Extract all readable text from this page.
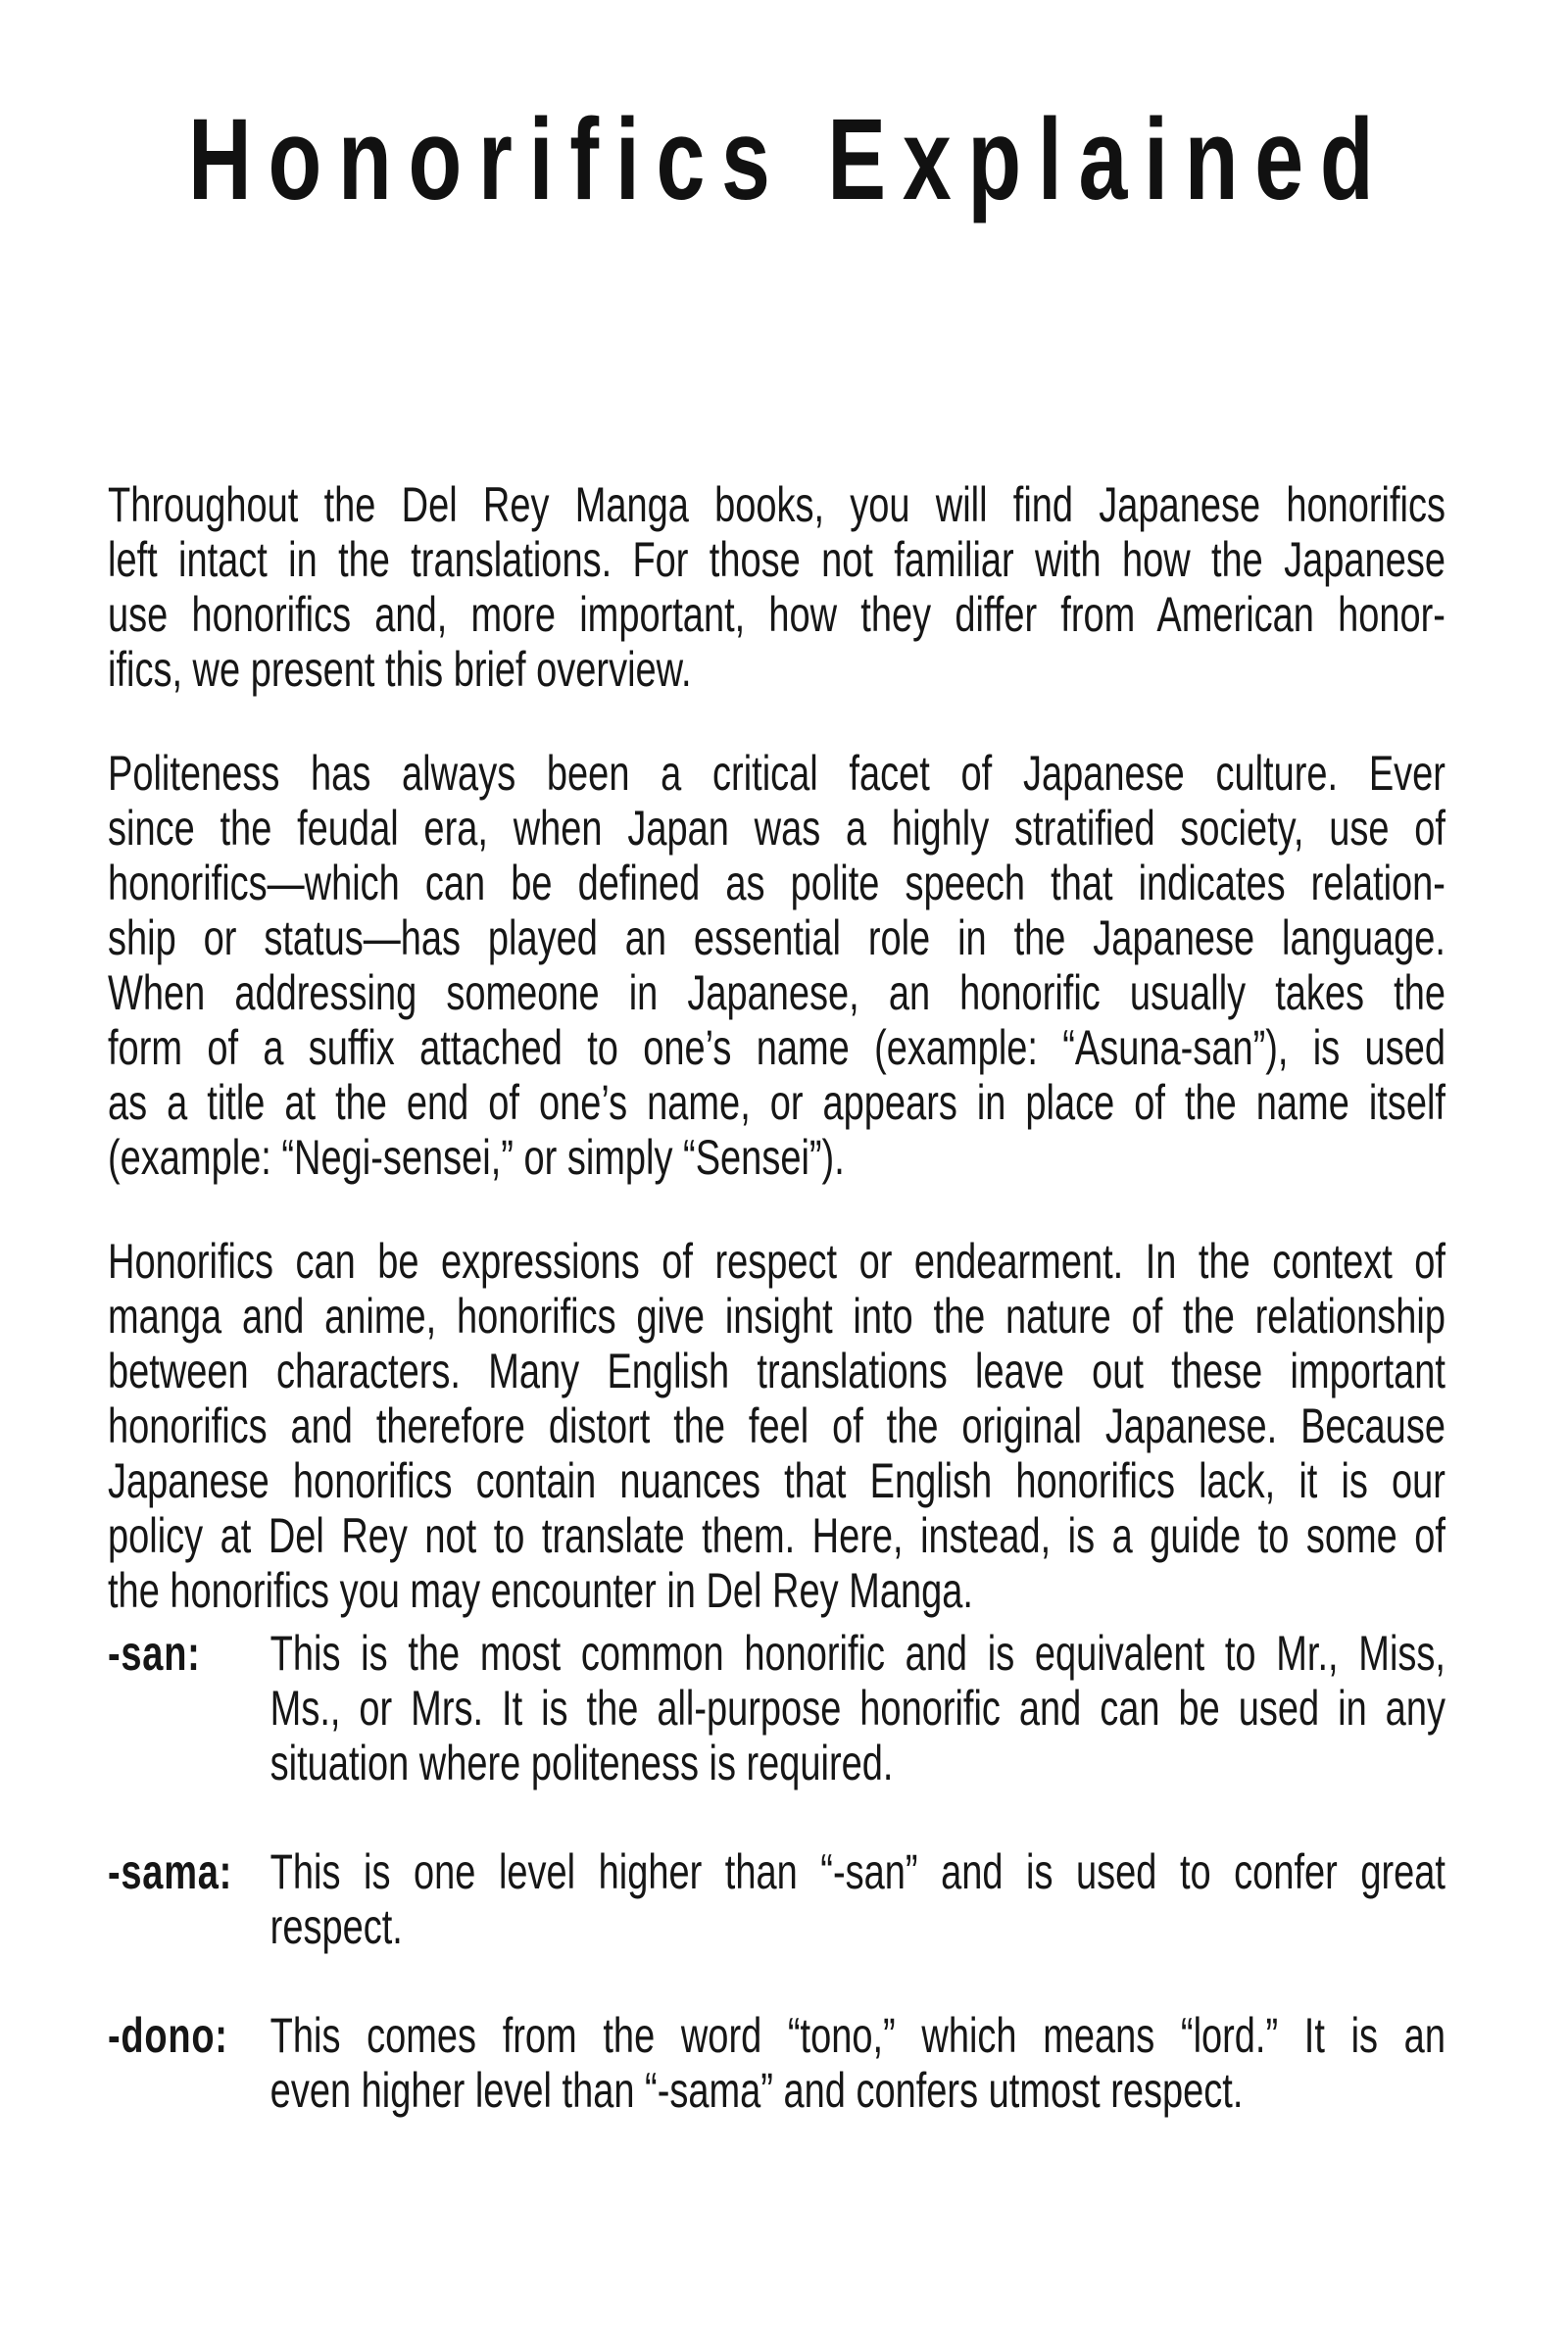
Honorifics Explained
Throughout the Del Rey Manga books, you will find Japanese honorifics
left intact in the translations. For those not familiar with how the Japanese
use honorifics and, more important, how they differ from American honor-
ifics, we present this brief overview.
Politeness has always been a critical facet of Japanese culture. Ever
since the feudal era, when Japan was a highly stratified society, use of
honorifics—which can be defined as polite speech that indicates relation-
ship or status—has played an essential role in the Japanese language.
When addressing someone in Japanese, an honorific usually takes the
form of a suffix attached to one’s name (example: “Asuna-san”), is used
as a title at the end of one’s name, or appears in place of the name itself
(example: “Negi-sensei,” or simply “Sensei”).
Honorifics can be expressions of respect or endearment. In the context of
manga and anime, honorifics give insight into the nature of the relationship
between characters. Many English translations leave out these important
honorifics and therefore distort the feel of the original Japanese. Because
Japanese honorifics contain nuances that English honorifics lack, it is our
policy at Del Rey not to translate them. Here, instead, is a guide to some of
the honorifics you may encounter in Del Rey Manga.
-san:	This is the most common honorific and is equivalent to Mr., Miss,
Ms., or Mrs. It is the all-purpose honorific and can be used in any
situation where politeness is required.
-sama: This is one level higher than “-san” and is used to confer great
respect.
-dono: This comes from the word “tono,” which means “lord.” It is an
even higher level than “-sama” and confers utmost respect.
